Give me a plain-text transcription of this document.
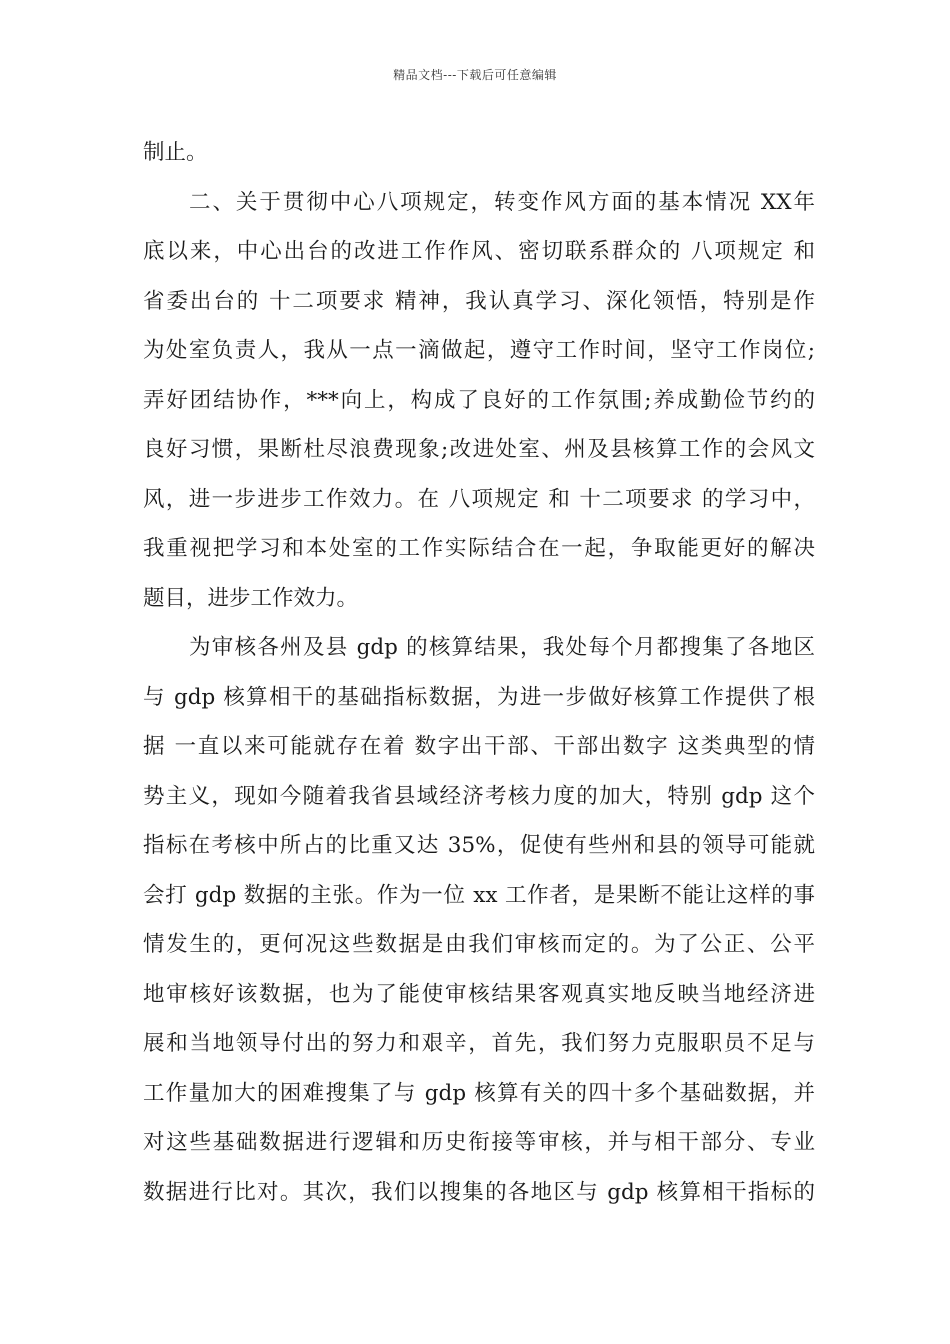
精品文档---下载后可任意编辑
制止。
二、关于贯彻中心八项规定，转变作风方面的基本情况 XX年
底以来，中心出台的改进工作作风、密切联系群众的 八项规定 和
省委出台的 十二项要求 精神，我认真学习、深化领悟，特别是作
为处室负责人，我从一点一滴做起，遵守工作时间，坚守工作岗位;
弄好团结协作，***向上，构成了良好的工作氛围;养成勤俭节约的
良好习惯，果断杜尽浪费现象;改进处室、州及县核算工作的会风文
风，进一步进步工作效力。在 八项规定 和 十二项要求 的学习中，
我重视把学习和本处室的工作实际结合在一起，争取能更好的解决
题目，进步工作效力。
为审核各州及县 gdp 的核算结果，我处每个月都搜集了各地区
与 gdp 核算相干的基础指标数据，为进一步做好核算工作提供了根
据 一直以来可能就存在着 数字出干部、干部出数字 这类典型的情
势主义，现如今随着我省县域经济考核力度的加大，特别 gdp 这个
指标在考核中所占的比重又达 35%，促使有些州和县的领导可能就
会打 gdp 数据的主张。作为一位 xx 工作者，是果断不能让这样的事
情发生的，更何况这些数据是由我们审核而定的。为了公正、公平
地审核好该数据，也为了能使审核结果客观真实地反映当地经济进
展和当地领导付出的努力和艰辛，首先，我们努力克服职员不足与
工作量加大的困难搜集了与 gdp 核算有关的四十多个基础数据，并
对这些基础数据进行逻辑和历史衔接等审核，并与相干部分、专业
数据进行比对。其次，我们以搜集的各地区与 gdp 核算相干指标的
